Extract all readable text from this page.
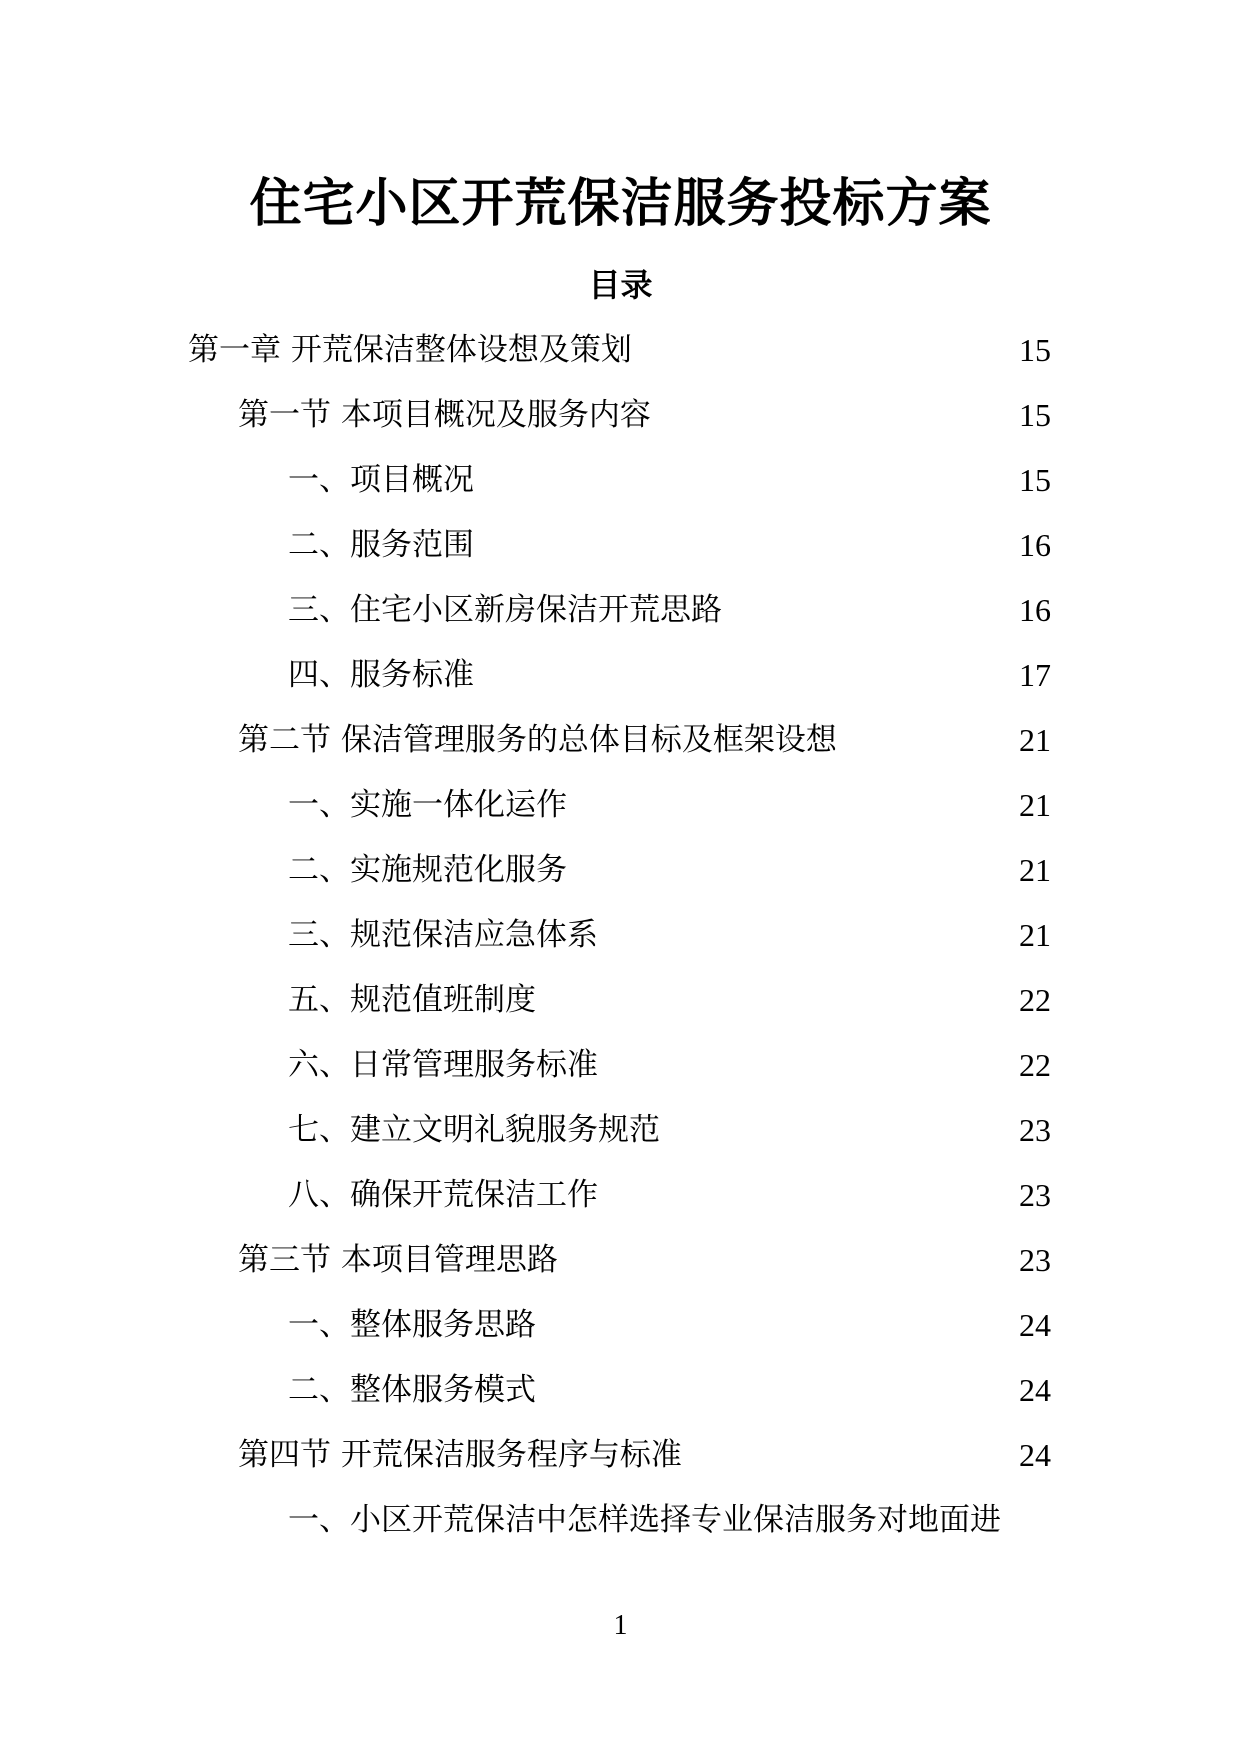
住宅小区开荒保洁服务投标方案
目录
第一章 开荒保洁整体设想及策划	15
第一节 本项目概况及服务内容	15
一、项目概况	15
二、服务范围	16
三、住宅小区新房保洁开荒思路	16
四、服务标准	17
第二节 保洁管理服务的总体目标及框架设想	21
一、实施一体化运作	21
二、实施规范化服务	21
三、规范保洁应急体系	21
五、规范值班制度	22
六、日常管理服务标准	22
七、建立文明礼貌服务规范	23
八、确保开荒保洁工作	23
第三节 本项目管理思路	23
一、整体服务思路	24
二、整体服务模式	24
第四节 开荒保洁服务程序与标准	24
一、小区开荒保洁中怎样选择专业保洁服务对地面进
1
